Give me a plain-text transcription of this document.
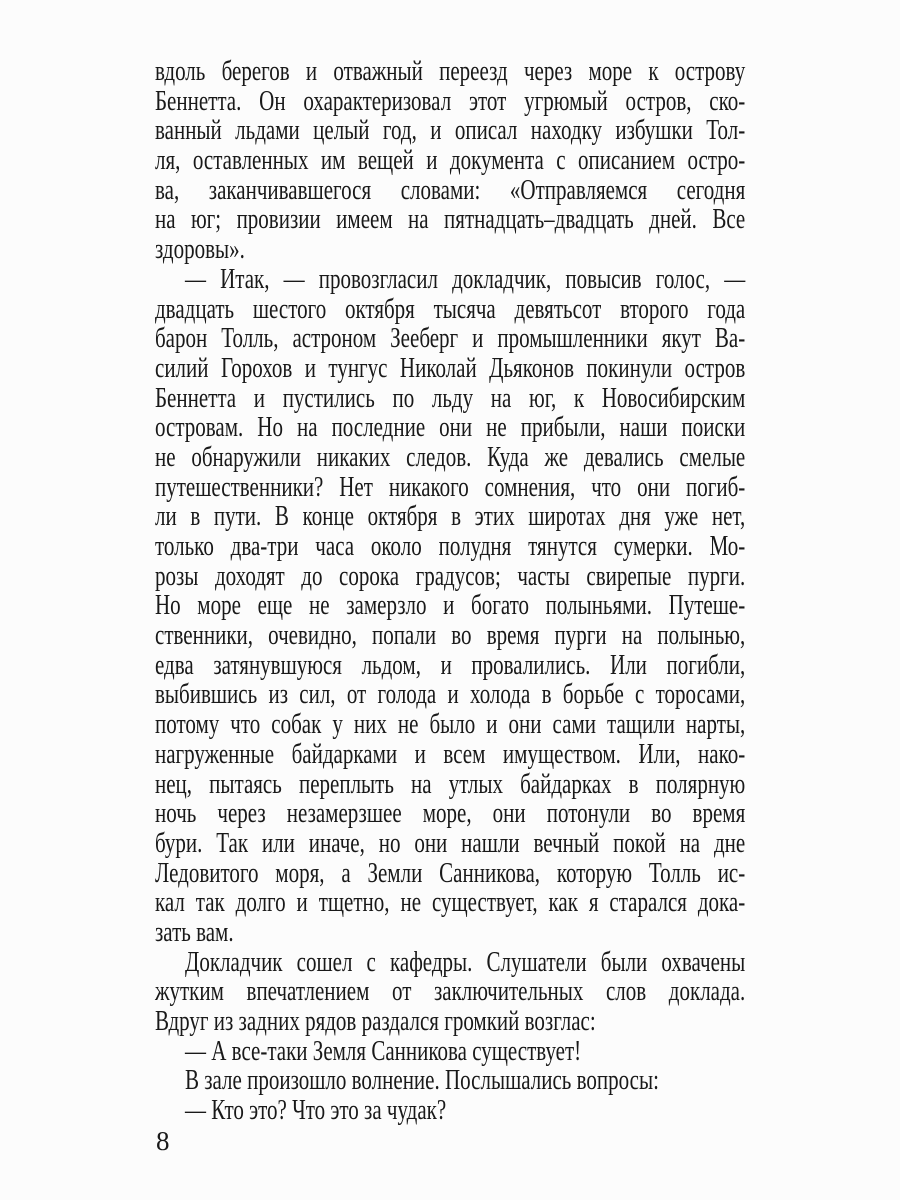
вдоль берегов и отважный переезд через море к острову
Беннетта. Он охарактеризовал этот угрюмый остров, ско-
ванный льдами целый год, и описал находку избушки Тол-
ля, оставленных им вещей и документа с описанием остро-
ва, заканчивавшегося словами: «Отправляемся сегодня
на юг; провизии имеем на пятнадцать–двадцать дней. Все
здоровы».
— Итак, — провозгласил докладчик, повысив голос, —
двадцать шестого октября тысяча девятьсот второго года
барон Толль, астроном Зееберг и промышленники якут Ва-
силий Горохов и тунгус Николай Дьяконов покинули остров
Беннетта и пустились по льду на юг, к Новосибирским
островам. Но на последние они не прибыли, наши поиски
не обнаружили никаких следов. Куда же девались смелые
путешественники? Нет никакого сомнения, что они погиб-
ли в пути. В конце октября в этих широтах дня уже нет,
только два-три часа около полудня тянутся сумерки. Мо-
розы доходят до сорока градусов; часты свирепые пурги.
Но море еще не замерзло и богато полыньями. Путеше-
ственники, очевидно, попали во время пурги на полынью,
едва затянувшуюся льдом, и провалились. Или погибли,
выбившись из сил, от голода и холода в борьбе с торосами,
потому что собак у них не было и они сами тащили нарты,
нагруженные байдарками и всем имуществом. Или, нако-
нец, пытаясь переплыть на утлых байдарках в полярную
ночь через незамерзшее море, они потонули во время
бури. Так или иначе, но они нашли вечный покой на дне
Ледовитого моря, а Земли Санникова, которую Толль ис-
кал так долго и тщетно, не существует, как я старался дока-
зать вам.
Докладчик сошел с кафедры. Слушатели были охвачены
жутким впечатлением от заключительных слов доклада.
Вдруг из задних рядов раздался громкий возглас:
— А все-таки Земля Санникова существует!
В зале произошло волнение. Послышались вопросы:
— Кто это? Что это за чудак?
8
